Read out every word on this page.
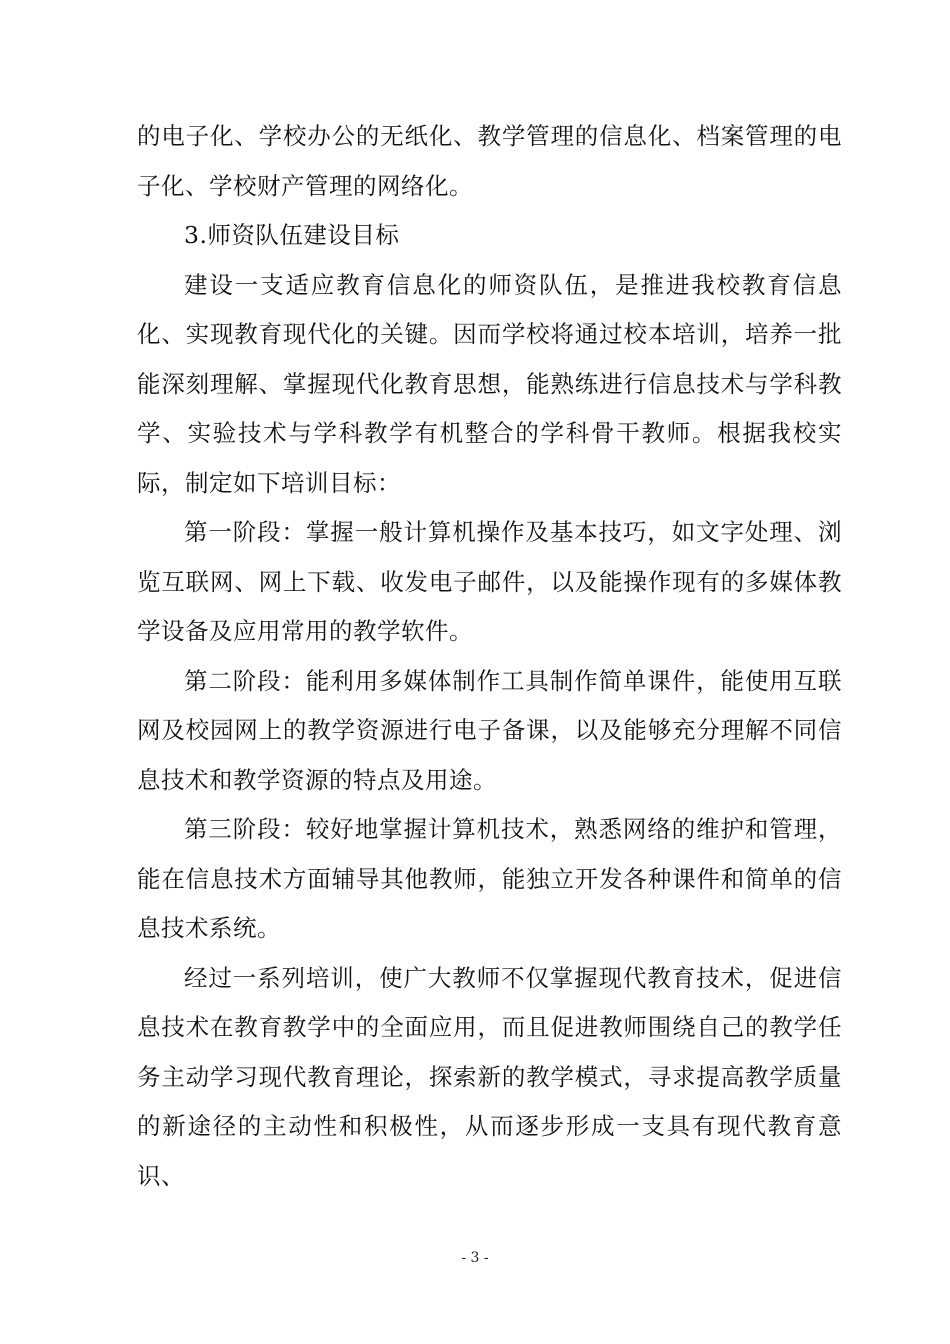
的电子化、学校办公的无纸化、教学管理的信息化、档案管理的电子化、学校财产管理的网络化。

3.师资队伍建设目标

建设一支适应教育信息化的师资队伍，是推进我校教育信息化、实现教育现代化的关键。因而学校将通过校本培训，培养一批能深刻理解、掌握现代化教育思想，能熟练进行信息技术与学科教学、实验技术与学科教学有机整合的学科骨干教师。根据我校实际，制定如下培训目标：

第一阶段：掌握一般计算机操作及基本技巧，如文字处理、浏览互联网、网上下载、收发电子邮件，以及能操作现有的多媒体教学设备及应用常用的教学软件。

第二阶段：能利用多媒体制作工具制作简单课件，能使用互联网及校园网上的教学资源进行电子备课，以及能够充分理解不同信息技术和教学资源的特点及用途。

第三阶段：较好地掌握计算机技术，熟悉网络的维护和管理，能在信息技术方面辅导其他教师，能独立开发各种课件和简单的信息技术系统。

经过一系列培训，使广大教师不仅掌握现代教育技术，促进信息技术在教育教学中的全面应用，而且促进教师围绕自己的教学任务主动学习现代教育理论，探索新的教学模式，寻求提高教学质量的新途径的主动性和积极性，从而逐步形成一支具有现代教育意识、

- 3 -
